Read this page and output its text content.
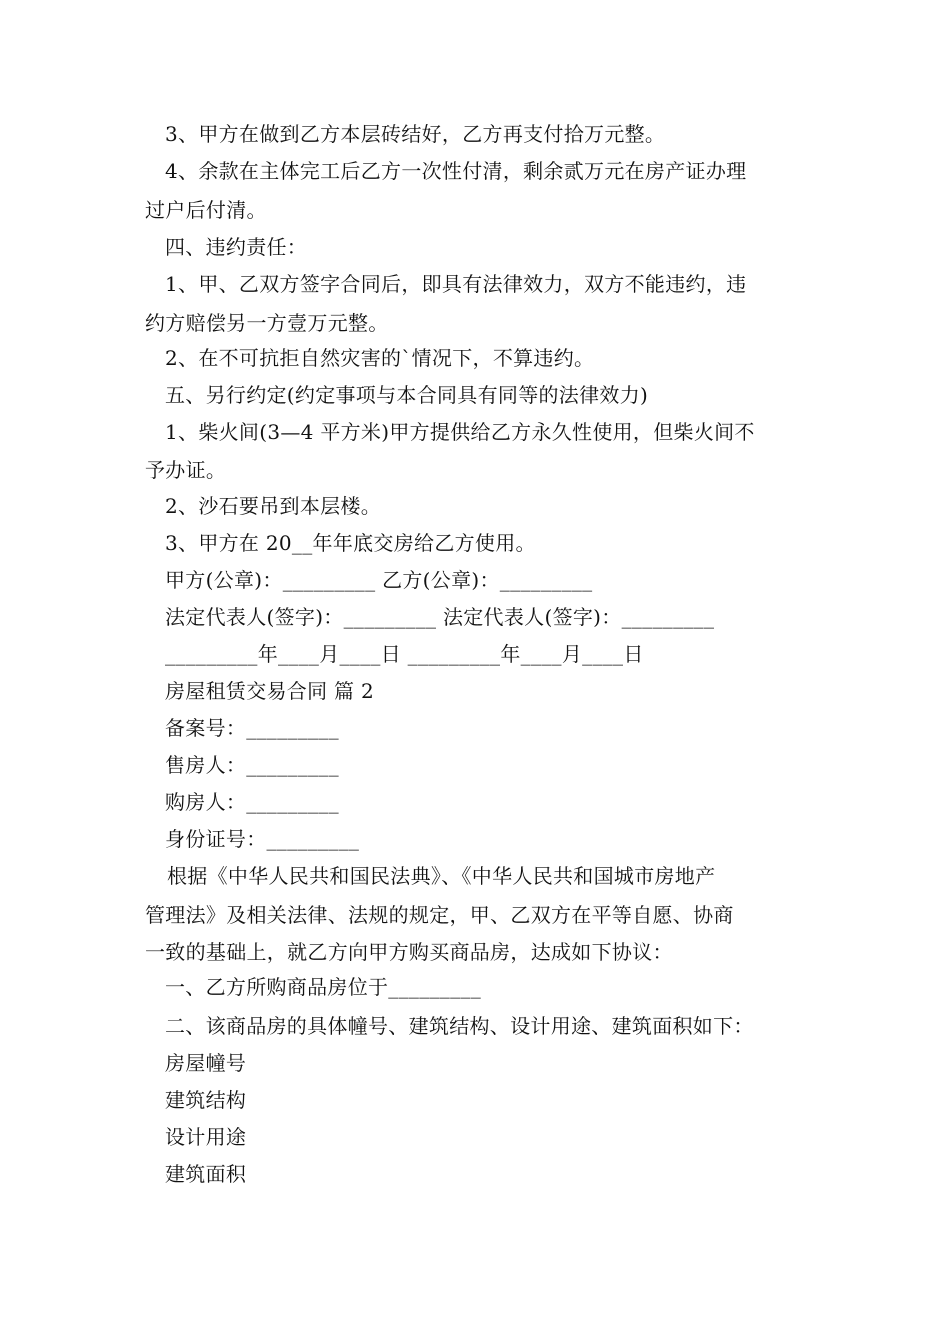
3、甲方在做到乙方本层砖结好，乙方再支付拾万元整。
4、余款在主体完工后乙方一次性付清，剩余贰万元在房产证办理
过户后付清。
四、违约责任：
1、甲、乙双方签字合同后，即具有法律效力，双方不能违约，违
约方赔偿另一方壹万元整。
2、在不可抗拒自然灾害的`情况下，不算违约。
五、另行约定(约定事项与本合同具有同等的法律效力)
1、柴火间(3—4 平方米)甲方提供给乙方永久性使用，但柴火间不
予办证。
2、沙石要吊到本层楼。
3、甲方在 20__年年底交房给乙方使用。
甲方(公章)：_________ 乙方(公章)：_________
法定代表人(签字)：_________ 法定代表人(签字)：_________
_________年____月____日 _________年____月____日
房屋租赁交易合同 篇 2
备案号：_________
售房人：_________
购房人：_________
身份证号：_________
根据《中华人民共和国民法典》、《中华人民共和国城市房地产
管理法》及相关法律、法规的规定，甲、乙双方在平等自愿、协商
一致的基础上，就乙方向甲方购买商品房，达成如下协议：
一、乙方所购商品房位于_________
二、该商品房的具体幢号、建筑结构、设计用途、建筑面积如下：
房屋幢号
建筑结构
设计用途
建筑面积
